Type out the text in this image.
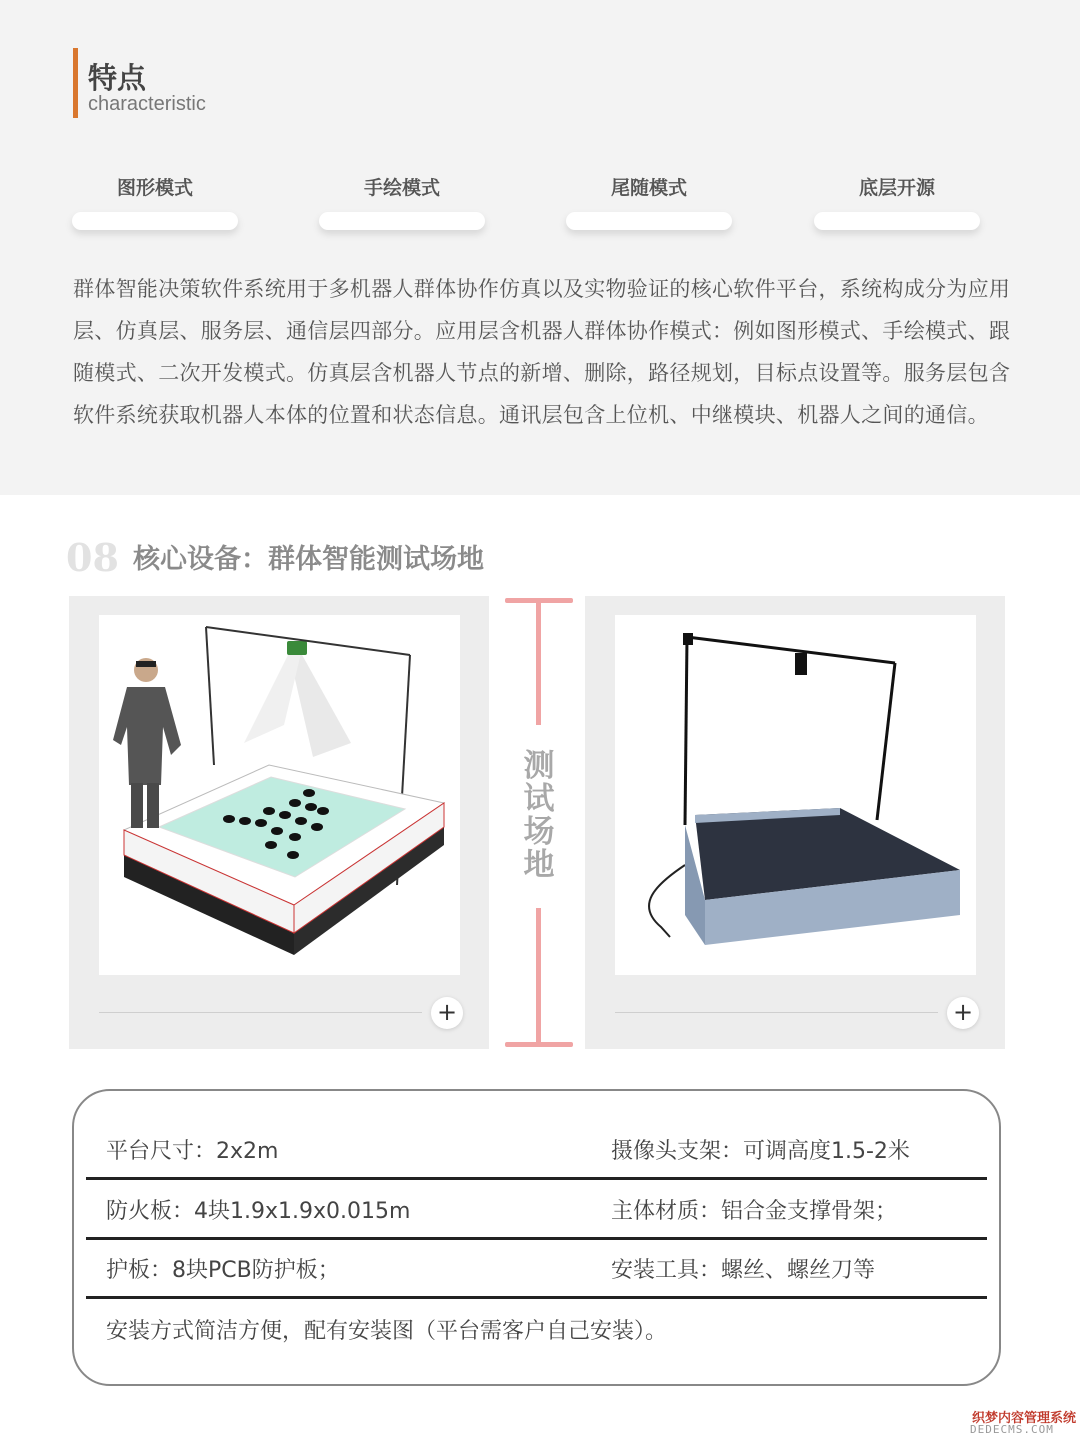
特点
characteristic
图形模式	手绘模式	尾随模式	底层开源

群体智能决策软件系统用于多机器人群体协作仿真以及实物验证的核心软件平台，系统构成分为应用层、仿真层、服务层、通信层四部分。应用层含机器人群体协作模式：例如图形模式、手绘模式、跟随模式、二次开发模式。仿真层含机器人节点的新增、删除，路径规划，目标点设置等。服务层包含软件系统获取机器人本体的位置和状态信息。通讯层包含上位机、中继模块、机器人之间的通信。

08 核心设备：群体智能测试场地
+
测
试
场
地
+
平台尺寸：2x2m	摄像头支架：可调高度1.5-2米
防火板：4块1.9x1.9x0.015m	主体材质：铝合金支撑骨架；
护板：8块PCB防护板；	安装工具：螺丝、螺丝刀等
安装方式简洁方便，配有安装图（平台需客户自己安装）。
织梦内容管理系统
DEDECMS.COM
